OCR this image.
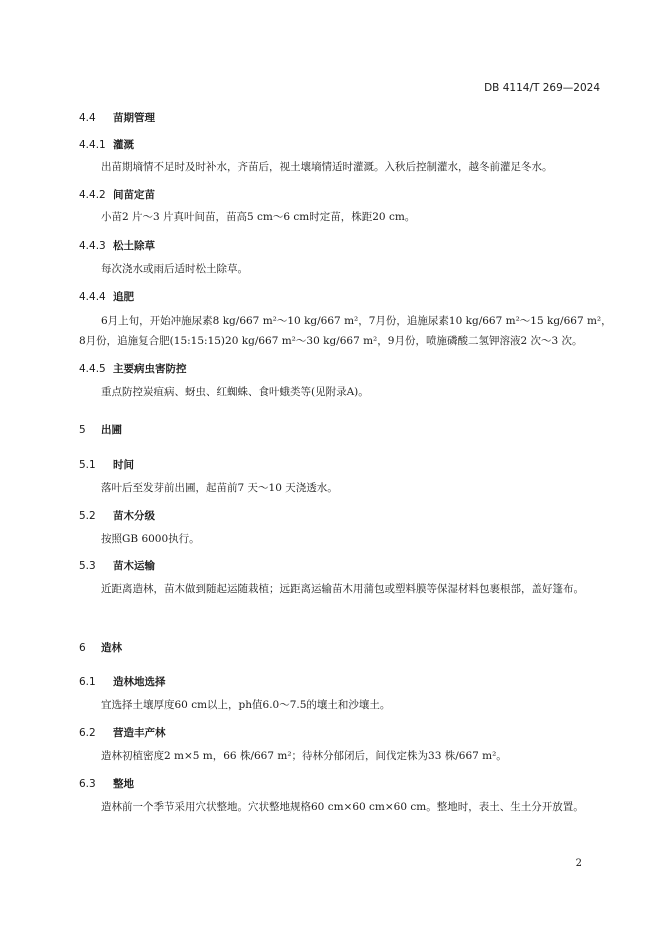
DB 4114/T 269—2024
4.4 苗期管理
4.4.1 灌溉
出苗期墒情不足时及时补水，齐苗后，视土壤墒情适时灌溉。入秋后控制灌水，越冬前灌足冬水。
4.4.2 间苗定苗
小苗2 片～3 片真叶间苗，苗高5 cm～6 cm时定苗，株距20 cm。
4.4.3 松土除草
每次浇水或雨后适时松土除草。
4.4.4 追肥
6月上旬，开始冲施尿素8 kg/667 m²～10 kg/667 m²，7月份，追施尿素10 kg/667 m²～15 kg/667 m²，
8月份，追施复合肥(15:15:15)20 kg/667 m²～30 kg/667 m²，9月份，喷施磷酸二氢钾溶液2 次～3 次。
4.4.5 主要病虫害防控
重点防控炭疽病、蚜虫、红蜘蛛、食叶蛾类等(见附录A)。
5 出圃
5.1 时间
落叶后至发芽前出圃，起苗前7 天～10 天浇透水。
5.2 苗木分级
按照GB 6000执行。
5.3 苗木运输
近距离造林，苗木做到随起运随栽植；远距离运输苗木用蒲包或塑料膜等保湿材料包裹根部，盖好篷布。
6 造林
6.1 造林地选择
宜选择土壤厚度60 cm以上，ph值6.0～7.5的壤土和沙壤土。
6.2 营造丰产林
造林初植密度2 m×5 m，66 株/667 m²；待林分郁闭后，间伐定株为33 株/667 m²。
6.3 整地
造林前一个季节采用穴状整地。穴状整地规格60 cm×60 cm×60 cm。整地时，表土、生土分开放置。
2
